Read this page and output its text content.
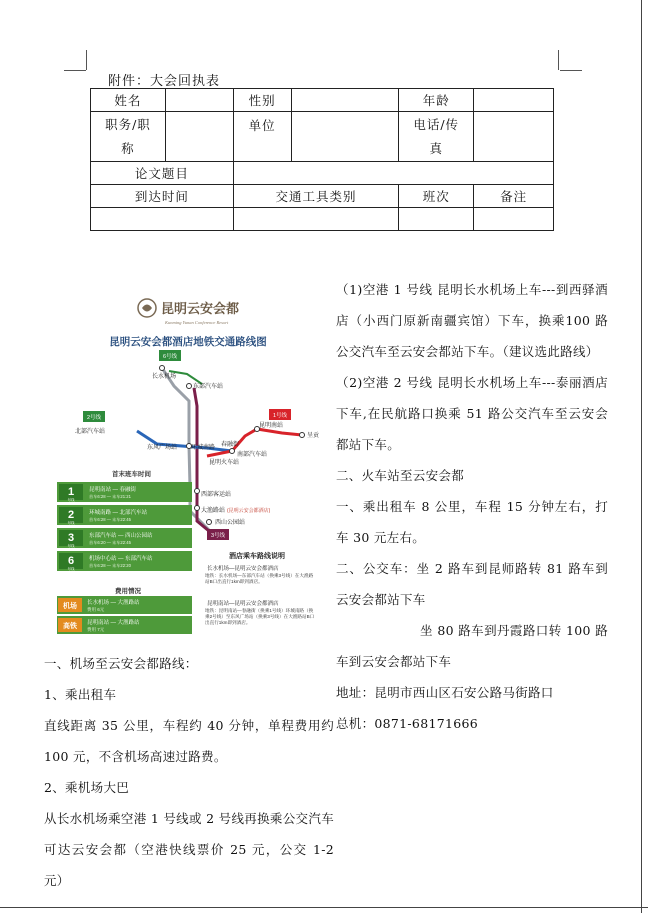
附件：大会回执表
姓名		性别		年龄	
职务/职
称		单位		电话/传
真	
论文题目					
到达时间		交通工具类别		班次	备注

昆明云安会都
Kunming Yunan Conference Resort
昆明云安会都酒店地铁交通路线图
6号线
2号线	1号线
3号线
长水机场
东部汽车站
北部汽车站
昆明南站
呈贡
东风广场站 环城南路 春融街
南部汽车站
昆明火车站
西部客运站
大渔路站 (昆明云安会都酒店)
西山公园站
首末班车时间
1
号线
昆明南站 — 春融街
首车6:28 — 末车21:21
2
号线
环城南路 — 北部汽车站
首车6:28 — 末车22:45
3
号线
东部汽车站 — 西山公园站
首车6:20 — 末车22:45
6
号线
机场中心站 — 东部汽车站
首车6:28 — 末车22:20
费用情况
机场 长水机场 — 大渔路站
费用 6元
高铁 昆明南站 — 大渔路站
费用 7元
酒店乘车路线说明
长水机场—昆明云安会都酒店
地铁：长水机场—东部汽车站（换乘3号线）在大渔路站B口出直行1km即到酒店。
昆明南站—昆明云安会都酒店
地铁：昆明南站—春融街（换乘1号线）环城南路（换乘2号线）至东风广场站（换乘3号线）在大渔路站B口出直行1km即到酒店。

（1)空港 1 号线 昆明长水机场上车---到西驿酒店（小西门原新南疆宾馆）下车，换乘100 路公交汽车至云安会都站下车。（建议选此路线）

（2)空港 2 号线 昆明长水机场上车---泰丽酒店下车,在民航路口换乘 51 路公交汽车至云安会都站下车。

二、火车站至云安会都

一、乘出租车 8 公里，车程 15 分钟左右，打车 30 元左右。

二、公交车：坐 2 路车到昆师路转 81 路车到云安会都站下车

坐 80 路车到丹霞路口转 100 路车到云安会都站下车

地址：昆明市西山区石安公路马街路口

总机：0871-68171666

一、机场至云安会都路线：

1、乘出租车

直线距离 35 公里，车程约 40 分钟，单程费用约 100 元，不含机场高速过路费。

2、乘机场大巴

从长水机场乘空港 1 号线或 2 号线再换乘公交汽车可达云安会都（空港快线票价 25 元，公交 1-2 元）
